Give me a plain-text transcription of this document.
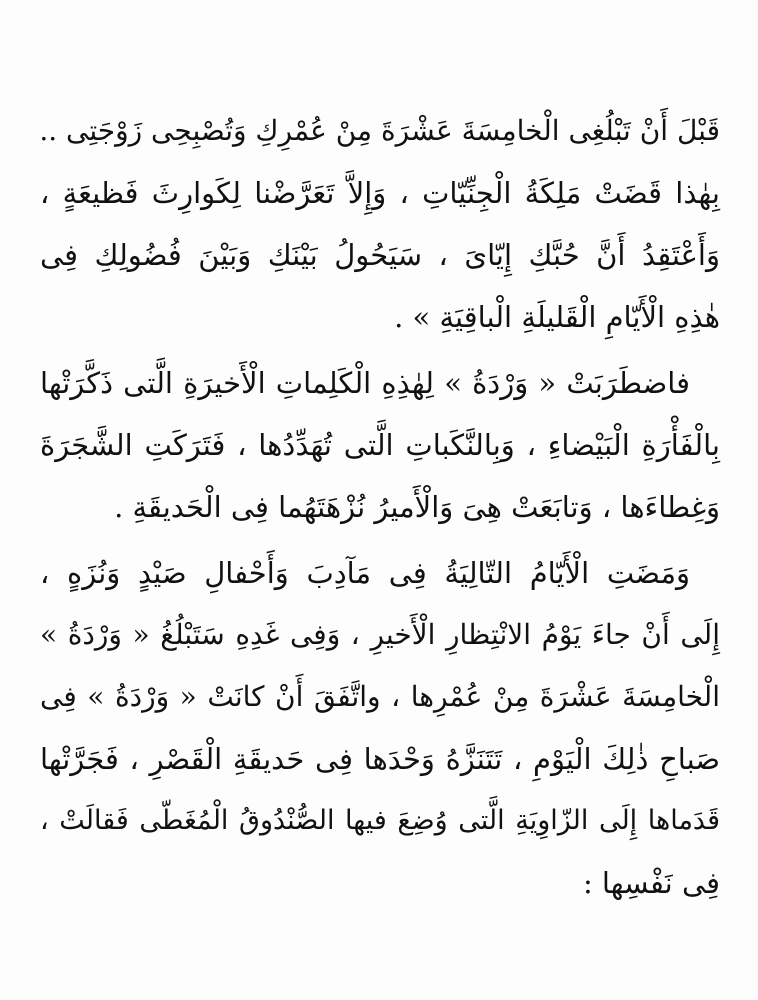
قَبْلَ أَنْ تَبْلُغِى الْخامِسَةَ عَشْرَةَ مِنْ عُمْرِكِ وَتُصْبِحِى زَوْجَتِى ..
بِهٰذا قَضَتْ مَلِكَةُ الْجِنِّيّاتِ ، وَإِلاَّ تَعَرَّضْنا لِكَوارِثَ فَظيعَةٍ ،
وَأَعْتَقِدُ أَنَّ حُبَّكِ إِيّاىَ ، سَيَحُولُ بَيْنَكِ وَبَيْنَ فُضُولِكِ فِى
هٰذِهِ الْأَيّامِ الْقَليلَةِ الْباقِيَةِ » .
فاضطَرَبَتْ « وَرْدَةُ » لِهٰذِهِ الْكَلِماتِ الْأَخيرَةِ الَّتى ذَكَّرَتْها
بِالْفَأْرَةِ الْبَيْضاءِ ، وَبِالنَّكَباتِ الَّتى تُهَدِّدُها ، فَتَرَكَتِ الشَّجَرَةَ
وَغِطاءَها ، وَتابَعَتْ هِىَ وَالْأَميرُ نُزْهَتَهُما فِى الْحَديقَةِ .
وَمَضَتِ الْأَيّامُ التّالِيَةُ فِى مَآدِبَ وَأَحْفالِ صَيْدٍ وَنُزَهٍ ،
إِلَى أَنْ جاءَ يَوْمُ الانْتِظارِ الْأَخيرِ ، وَفِى غَدِهِ سَتَبْلُغُ « وَرْدَةُ »
الْخامِسَةَ عَشْرَةَ مِنْ عُمْرِها ، واتَّفَقَ أَنْ كانَتْ « وَرْدَةُ » فِى
صَباحِ ذٰلِكَ الْيَوْمِ ، تَتَنَزَّهُ وَحْدَها فِى حَديقَةِ الْقَصْرِ ، فَجَرَّتْها
قَدَماها إِلَى الزّاوِيَةِ الَّتى وُضِعَ فيها الصُّنْدُوقُ الْمُغَطّى فَقالَتْ ،
فِى نَفْسِها :
